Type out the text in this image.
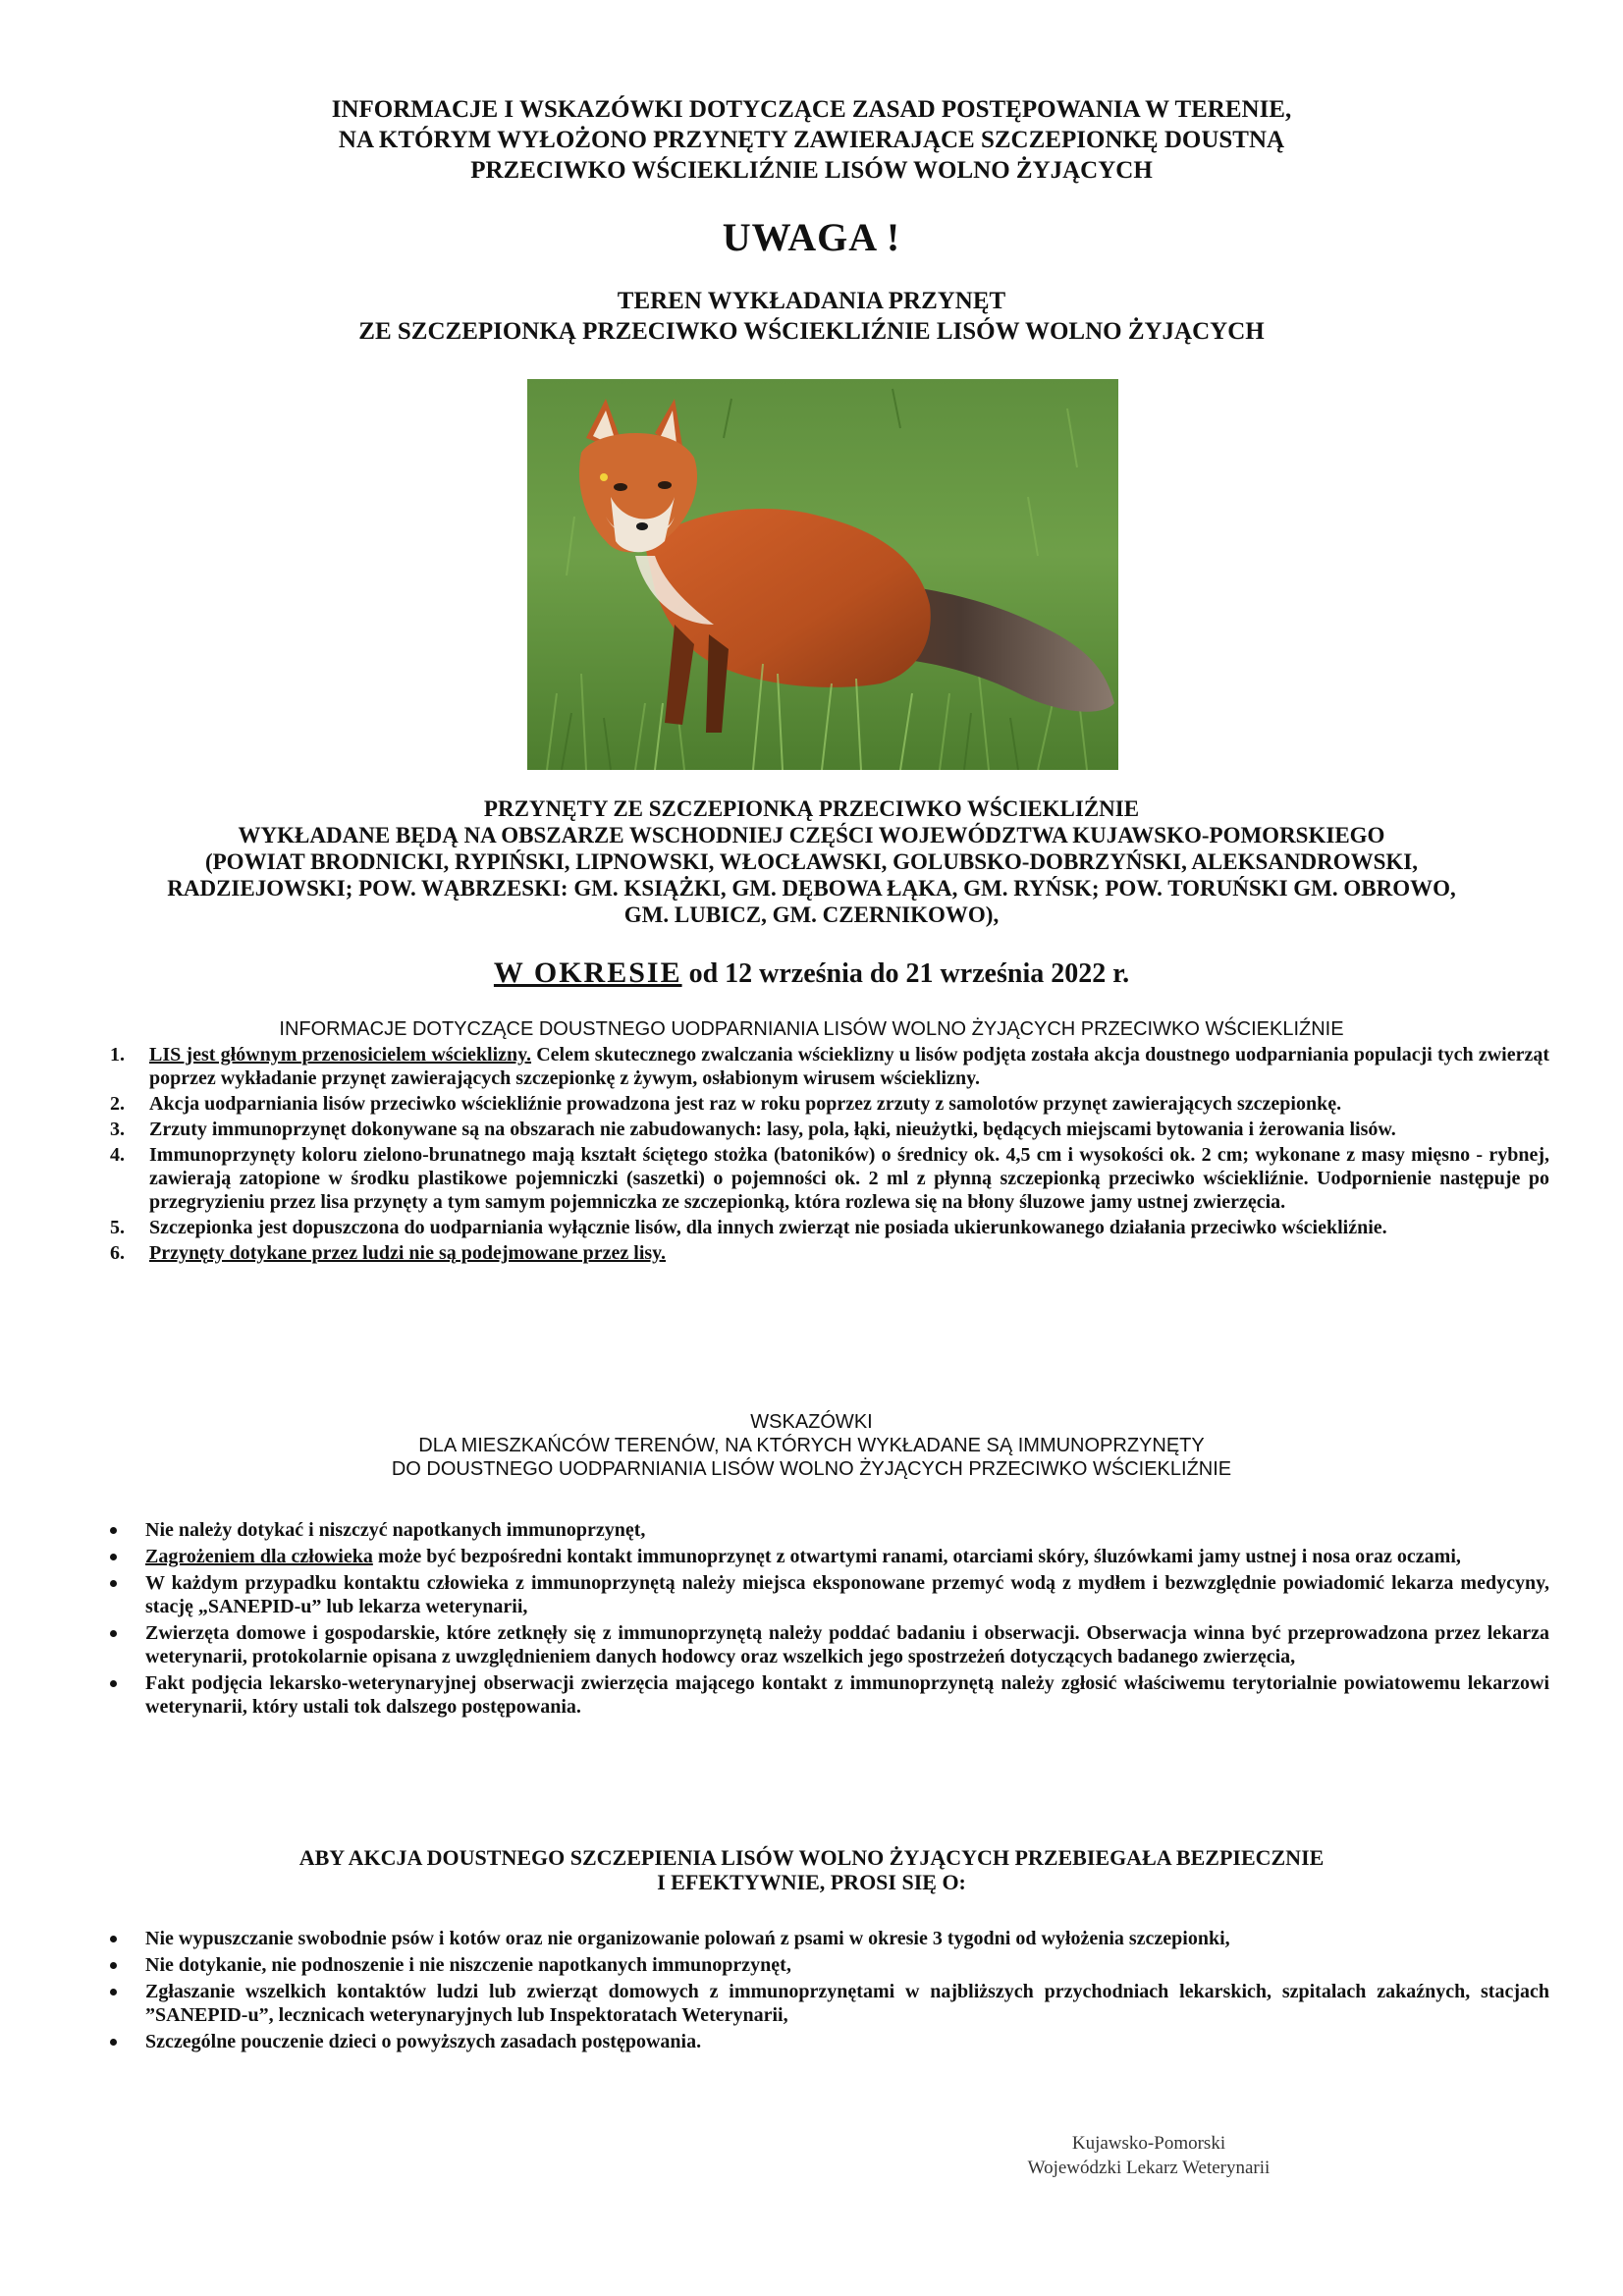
INFORMACJE I WSKAZÓWKI DOTYCZĄCE ZASAD POSTĘPOWANIA W TERENIE,
NA KTÓRYM WYŁOŻONO PRZYNĘTY ZAWIERAJĄCE SZCZEPIONKĘ DOUSTNĄ
PRZECIWKO WŚCIEKLIŹNIE LISÓW WOLNO ŻYJĄCYCH
UWAGA !
TEREN WYKŁADANIA PRZYNĘT
ZE SZCZEPIONKĄ PRZECIWKO WŚCIEKLIŹNIE LISÓW WOLNO ŻYJĄCYCH
PRZYNĘTY ZE SZCZEPIONKĄ PRZECIWKO WŚCIEKLIŹNIE
WYKŁADANE BĘDĄ NA OBSZARZE WSCHODNIEJ CZĘŚCI WOJEWÓDZTWA KUJAWSKO-POMORSKIEGO
(POWIAT BRODNICKI, RYPIŃSKI, LIPNOWSKI, WŁOCŁAWSKI, GOLUBSKO-DOBRZYŃSKI, ALEKSANDROWSKI,
RADZIEJOWSKI; POW. WĄBRZESKI: GM. KSIĄŻKI, GM. DĘBOWA ŁĄKA, GM. RYŃSK; POW. TORUŃSKI GM. OBROWO,
GM. LUBICZ, GM. CZERNIKOWO),
W OKRESIE od 12 września do 21 września 2022 r.
INFORMACJE DOTYCZĄCE DOUSTNEGO UODPARNIANIA LISÓW WOLNO ŻYJĄCYCH PRZECIWKO WŚCIEKLIŹNIE
1. LIS jest głównym przenosicielem wścieklizny. Celem skutecznego zwalczania wścieklizny u lisów podjęta została akcja doustnego uodparniania populacji tych zwierząt poprzez wykładanie przynęt zawierających szczepionkę z żywym, osłabionym wirusem wścieklizny.
2. Akcja uodparniania lisów przeciwko wściekliźnie prowadzona jest raz w roku poprzez zrzuty z samolotów przynęt zawierających szczepionkę.
3. Zrzuty immunoprzynęt dokonywane są na obszarach nie zabudowanych: lasy, pola, łąki, nieużytki, będących miejscami bytowania i żerowania lisów.
4. Immunoprzynęty koloru zielono-brunatnego mają kształt ściętego stożka (batoników) o średnicy ok. 4,5 cm i wysokości ok. 2 cm; wykonane z masy mięsno - rybnej, zawierają zatopione w środku plastikowe pojemniczki (saszetki) o pojemności ok. 2 ml z płynną szczepionką przeciwko wściekliźnie. Uodpornienie następuje po przegryzieniu przez lisa przynęty a tym samym pojemniczka ze szczepionką, która rozlewa się na błony śluzowe jamy ustnej zwierzęcia.
5. Szczepionka jest dopuszczona do uodparniania wyłącznie lisów, dla innych zwierząt nie posiada ukierunkowanego działania przeciwko wściekliźnie.
6. Przynęty dotykane przez ludzi nie są podejmowane przez lisy.
WSKAZÓWKI
DLA MIESZKAŃCÓW TERENÓW, NA KTÓRYCH WYKŁADANE SĄ IMMUNOPRZYNĘTY
DO DOUSTNEGO UODPARNIANIA LISÓW WOLNO ŻYJĄCYCH PRZECIWKO WŚCIEKLIŹNIE
Nie należy dotykać i niszczyć napotkanych immunoprzynęt,
Zagrożeniem dla człowieka może być bezpośredni kontakt immunoprzynęt z otwartymi ranami, otarciami skóry, śluzówkami jamy ustnej i nosa oraz oczami,
W każdym przypadku kontaktu człowieka z immunoprzynętą należy miejsca eksponowane przemyć wodą z mydłem i bezwzględnie powiadomić lekarza medycyny, stację „SANEPID-u” lub lekarza weterynarii,
Zwierzęta domowe i gospodarskie, które zetknęły się z immunoprzynętą należy poddać badaniu i obserwacji. Obserwacja winna być przeprowadzona przez lekarza weterynarii, protokolarnie opisana z uwzględnieniem danych hodowcy oraz wszelkich jego spostrzeżeń dotyczących badanego zwierzęcia,
Fakt podjęcia lekarsko-weterynaryjnej obserwacji zwierzęcia mającego kontakt z immunoprzynętą należy zgłosić właściwemu terytorialnie powiatowemu lekarzowi weterynarii, który ustali tok dalszego postępowania.
ABY AKCJA DOUSTNEGO SZCZEPIENIA LISÓW WOLNO ŻYJĄCYCH PRZEBIEGAŁA BEZPIECZNIE
I EFEKTYWNIE, PROSI SIĘ O:
Nie wypuszczanie swobodnie psów i kotów oraz nie organizowanie polowań z psami w okresie 3 tygodni od wyłożenia szczepionki,
Nie dotykanie, nie podnoszenie i nie niszczenie napotkanych immunoprzynęt,
Zgłaszanie wszelkich kontaktów ludzi lub zwierząt domowych z immunoprzynętami w najbliższych przychodniach lekarskich, szpitalach zakaźnych, stacjach ”SANEPID-u”, lecznicach weterynaryjnych lub Inspektoratach Weterynarii,
Szczególne pouczenie dzieci o powyższych zasadach postępowania.
Kujawsko-Pomorski
Wojewódzki Lekarz Weterynarii
